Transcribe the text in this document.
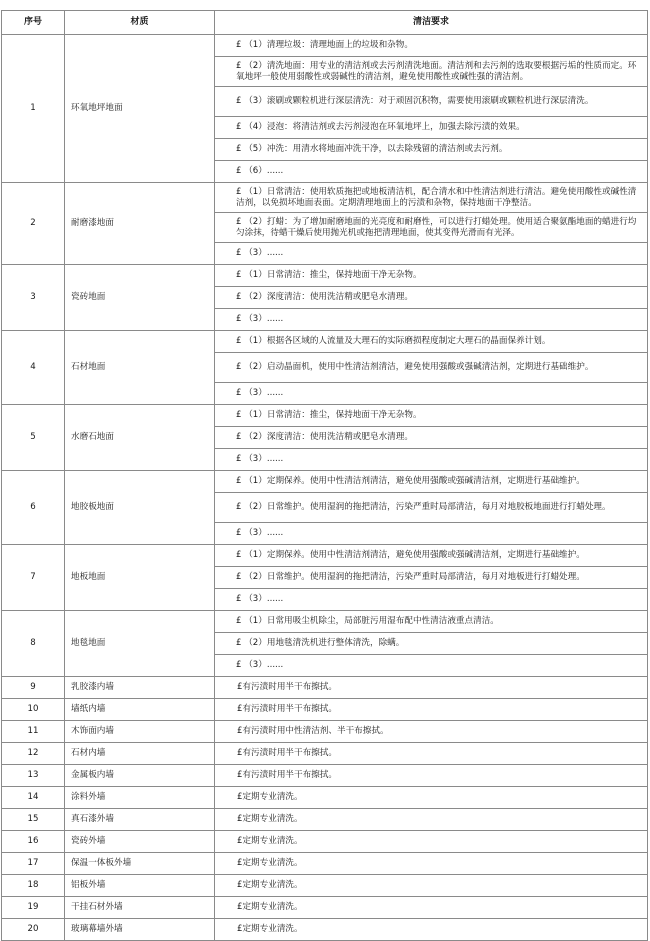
序号	材质	清洁要求
1	环氧地坪地面	£ （1）清理垃圾：清理地面上的垃圾和杂物。
		£ （2）清洗地面：用专业的清洁剂或去污剂清洗地面。清洁剂和去污剂的选取要根据污垢的性质而定。环氧地坪一般使用弱酸性或弱碱性的清洁剂，避免使用酸性或碱性强的清洁剂。
		£ （3）滚刷或颗粒机进行深层清洗：对于顽固沉积物，需要使用滚刷或颗粒机进行深层清洗。
		£ （4）浸泡：将清洁剂或去污剂浸泡在环氧地坪上，加强去除污渍的效果。
		£ （5）冲洗：用清水将地面冲洗干净，以去除残留的清洁剂或去污剂。
		£ （6）......
2	耐磨漆地面	£ （1）日常清洁：使用软质拖把或地板清洁机，配合清水和中性清洁剂进行清洁。避免使用酸性或碱性清洁剂，以免损坏地面表面。定期清理地面上的污渍和杂物，保持地面干净整洁。
		£ （2）打蜡：为了增加耐磨地面的光亮度和耐磨性，可以进行打蜡处理。使用适合聚氨酯地面的蜡进行均匀涂抹，待蜡干燥后使用抛光机或拖把清理地面，使其变得光滑而有光泽。
		£ （3）......
3	瓷砖地面	£ （1）日常清洁：推尘，保持地面干净无杂物。
		£ （2）深度清洁：使用洗洁精或肥皂水清理。
		£ （3）......
4	石材地面	£ （1）根据各区域的人流量及大理石的实际磨损程度制定大理石的晶面保养计划。
		£ （2）启动晶面机，使用中性清洁剂清洁，避免使用强酸或强碱清洁剂，定期进行基础维护。
		£ （3）......
5	水磨石地面	£ （1）日常清洁：推尘，保持地面干净无杂物。
		£ （2）深度清洁：使用洗洁精或肥皂水清理。
		£ （3）......
6	地胶板地面	£ （1）定期保养。使用中性清洁剂清洁，避免使用强酸或强碱清洁剂，定期进行基础维护。
		£ （2）日常维护。使用湿润的拖把清洁，污染严重时局部清洁，每月对地胶板地面进行打蜡处理。
		£ （3）......
7	地板地面	£ （1）定期保养。使用中性清洁剂清洁，避免使用强酸或强碱清洁剂，定期进行基础维护。
		£ （2）日常维护。使用湿润的拖把清洁，污染严重时局部清洁，每月对地板进行打蜡处理。
		£ （3）......
8	地毯地面	£ （1）日常用吸尘机除尘，局部脏污用湿布配中性清洁液重点清洁。
		£ （2）用地毯清洗机进行整体清洗，除螨。
		£ （3）......
9	乳胶漆内墙	£有污渍时用半干布擦拭。
10	墙纸内墙	£有污渍时用半干布擦拭。
11	木饰面内墙	£有污渍时用中性清洁剂、半干布擦拭。
12	石材内墙	£有污渍时用半干布擦拭。
13	金属板内墙	£有污渍时用半干布擦拭。
14	涂料外墙	£定期专业清洗。
15	真石漆外墙	£定期专业清洗。
16	瓷砖外墙	£定期专业清洗。
17	保温一体板外墙	£定期专业清洗。
18	铝板外墙	£定期专业清洗。
19	干挂石材外墙	£定期专业清洗。
20	玻璃幕墙外墙	£定期专业清洗。
